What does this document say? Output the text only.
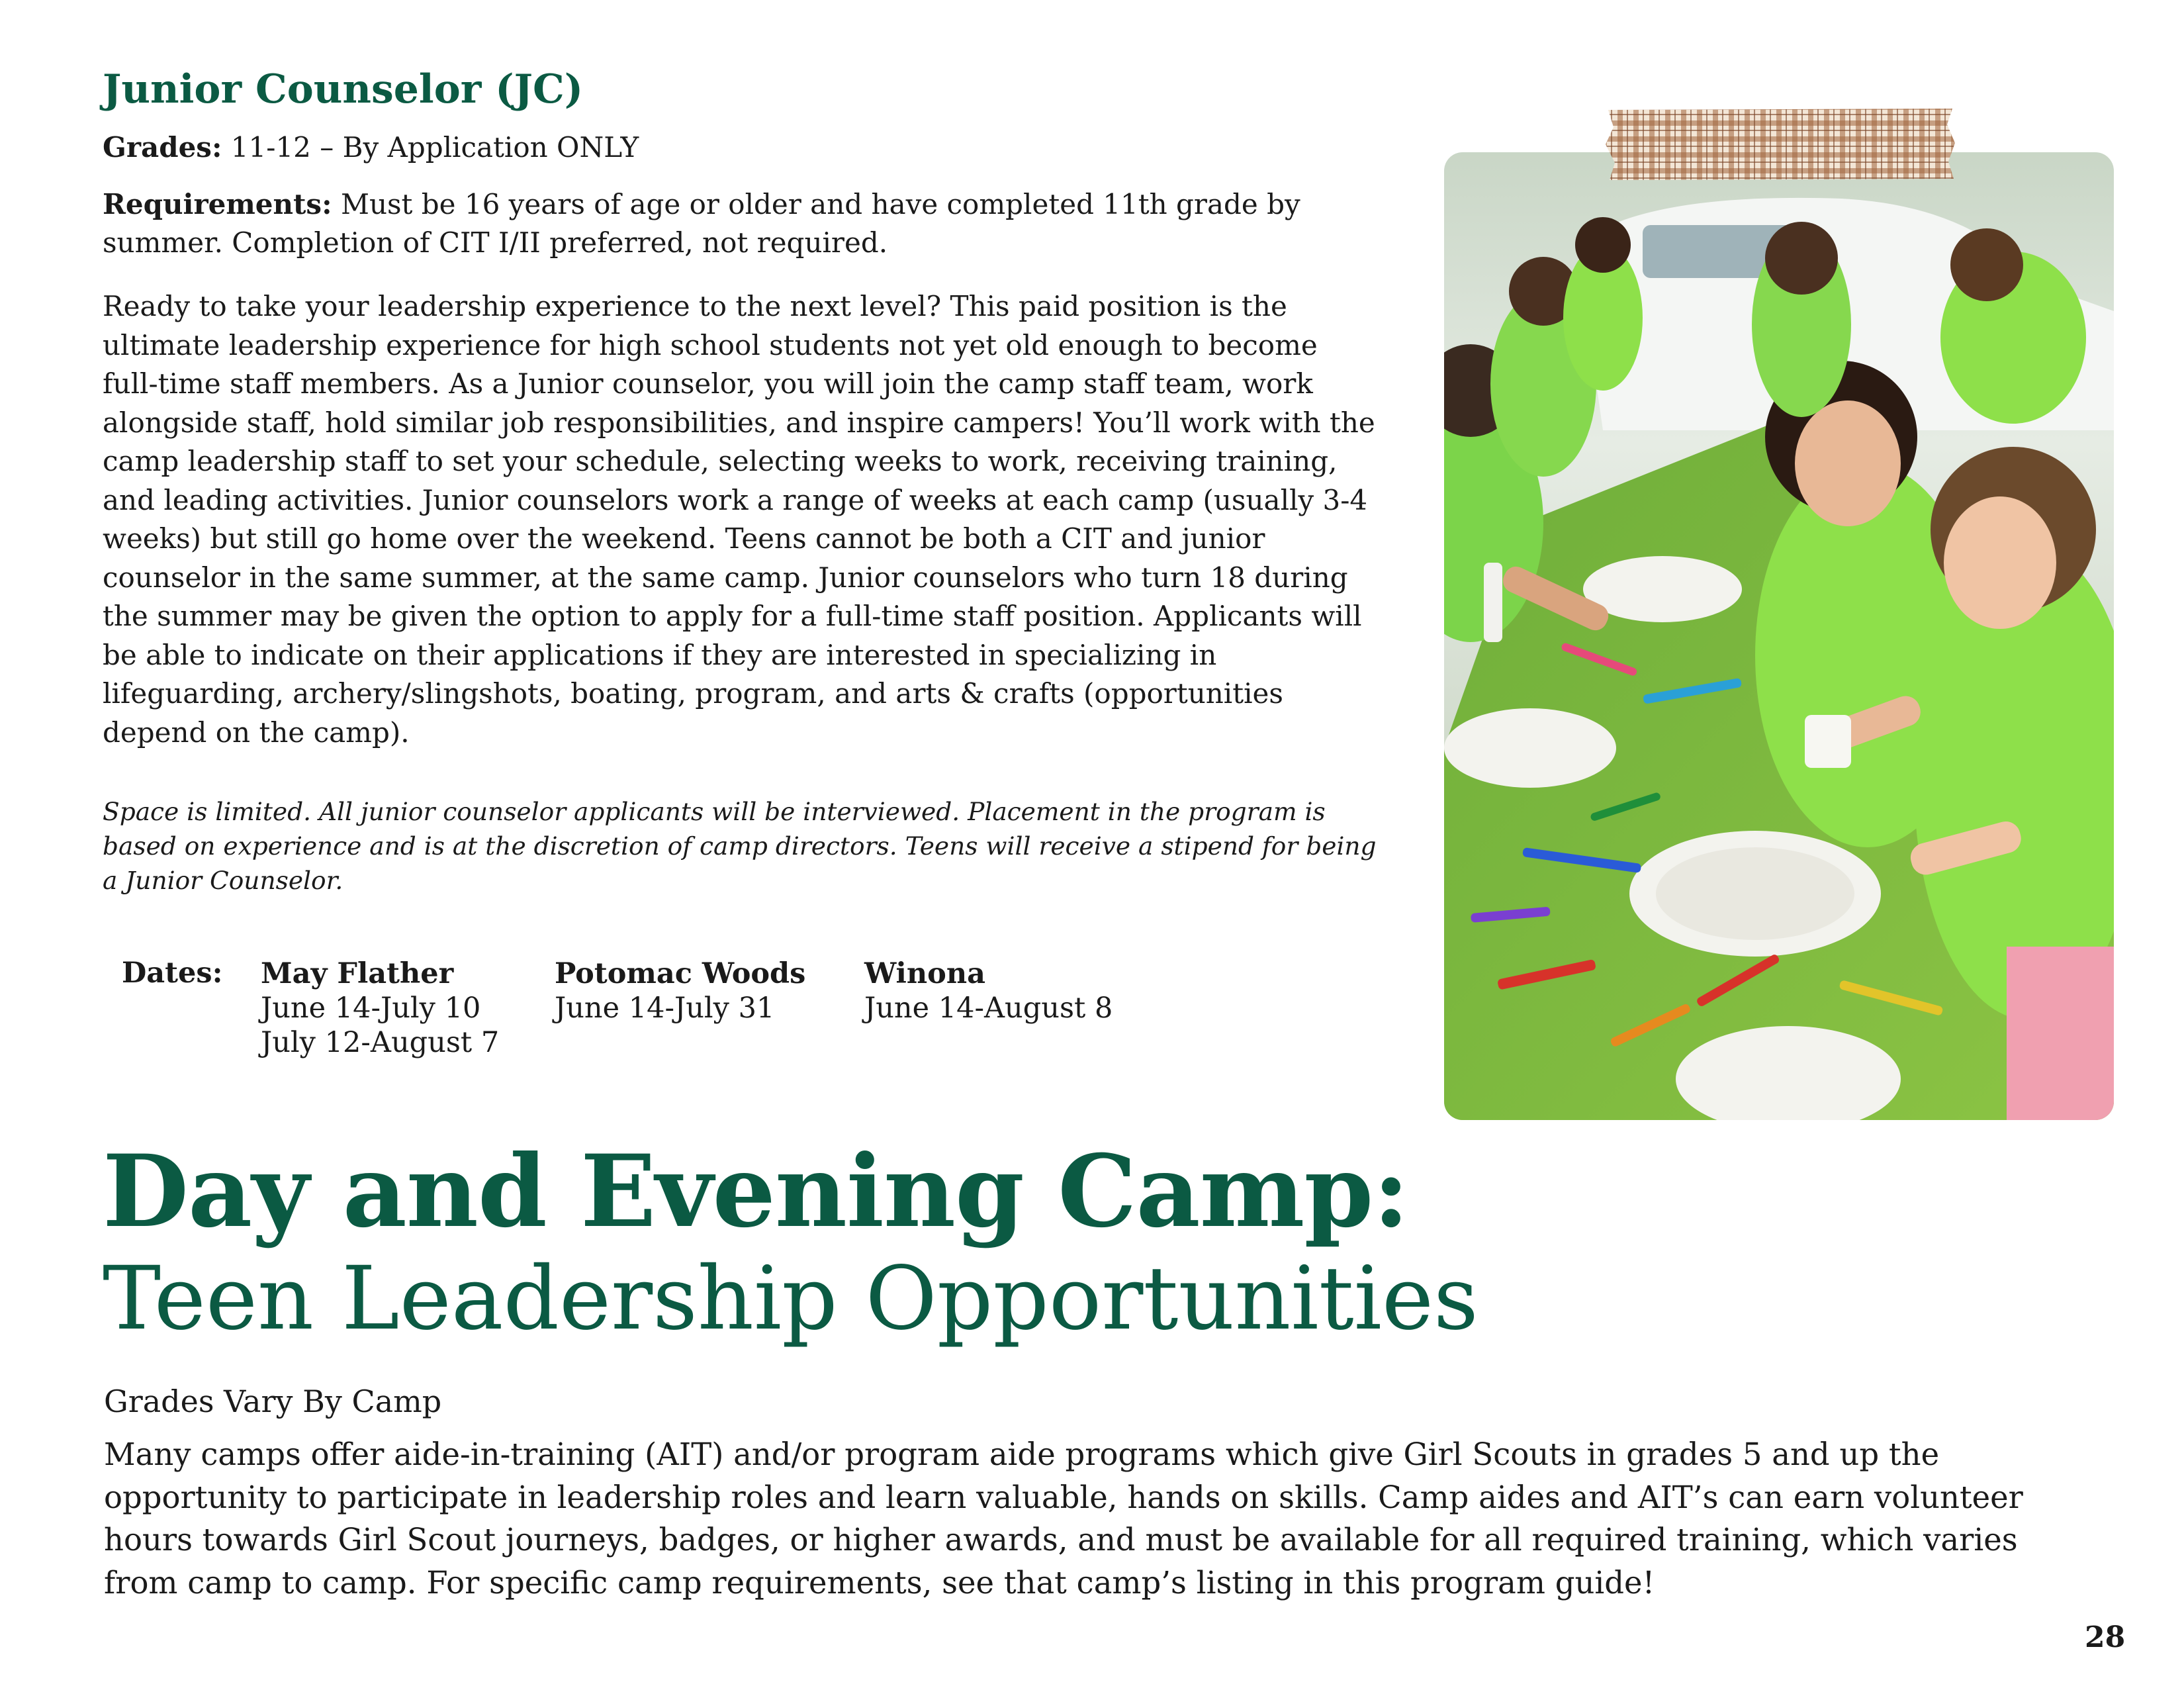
Junior Counselor (JC)
Grades: 11-12 – By Application ONLY
Requirements: Must be 16 years of age or older and have completed 11th grade by summer. Completion of CIT I/II preferred, not required.
Ready to take your leadership experience to the next level? This paid position is the ultimate leadership experience for high school students not yet old enough to become full-time staff members. As a Junior counselor, you will join the camp staff team, work alongside staff, hold similar job responsibilities, and inspire campers! You’ll work with the camp leadership staff to set your schedule, selecting weeks to work, receiving training, and leading activities. Junior counselors work a range of weeks at each camp (usually 3-4 weeks) but still go home over the weekend. Teens cannot be both a CIT and junior counselor in the same summer, at the same camp. Junior counselors who turn 18 during the summer may be given the option to apply for a full-time staff position. Applicants will be able to indicate on their applications if they are interested in specializing in lifeguarding, archery/slingshots, boating, program, and arts & crafts (opportunities depend on the camp).
Space is limited. All junior counselor applicants will be interviewed. Placement in the program is based on experience and is at the discretion of camp directors. Teens will receive a stipend for being a Junior Counselor.
Dates: May Flather
June 14-July 10
July 12-August 7
Potomac Woods
June 14-July 31
Winona
June 14-August 8
Day and Evening Camp:
Teen Leadership Opportunities
Grades Vary By Camp
Many camps offer aide-in-training (AIT) and/or program aide programs which give Girl Scouts in grades 5 and up the opportunity to participate in leadership roles and learn valuable, hands on skills. Camp aides and AIT’s can earn volunteer hours towards Girl Scout journeys, badges, or higher awards, and must be available for all required training, which varies from camp to camp. For specific camp requirements, see that camp’s listing in this program guide!
28
